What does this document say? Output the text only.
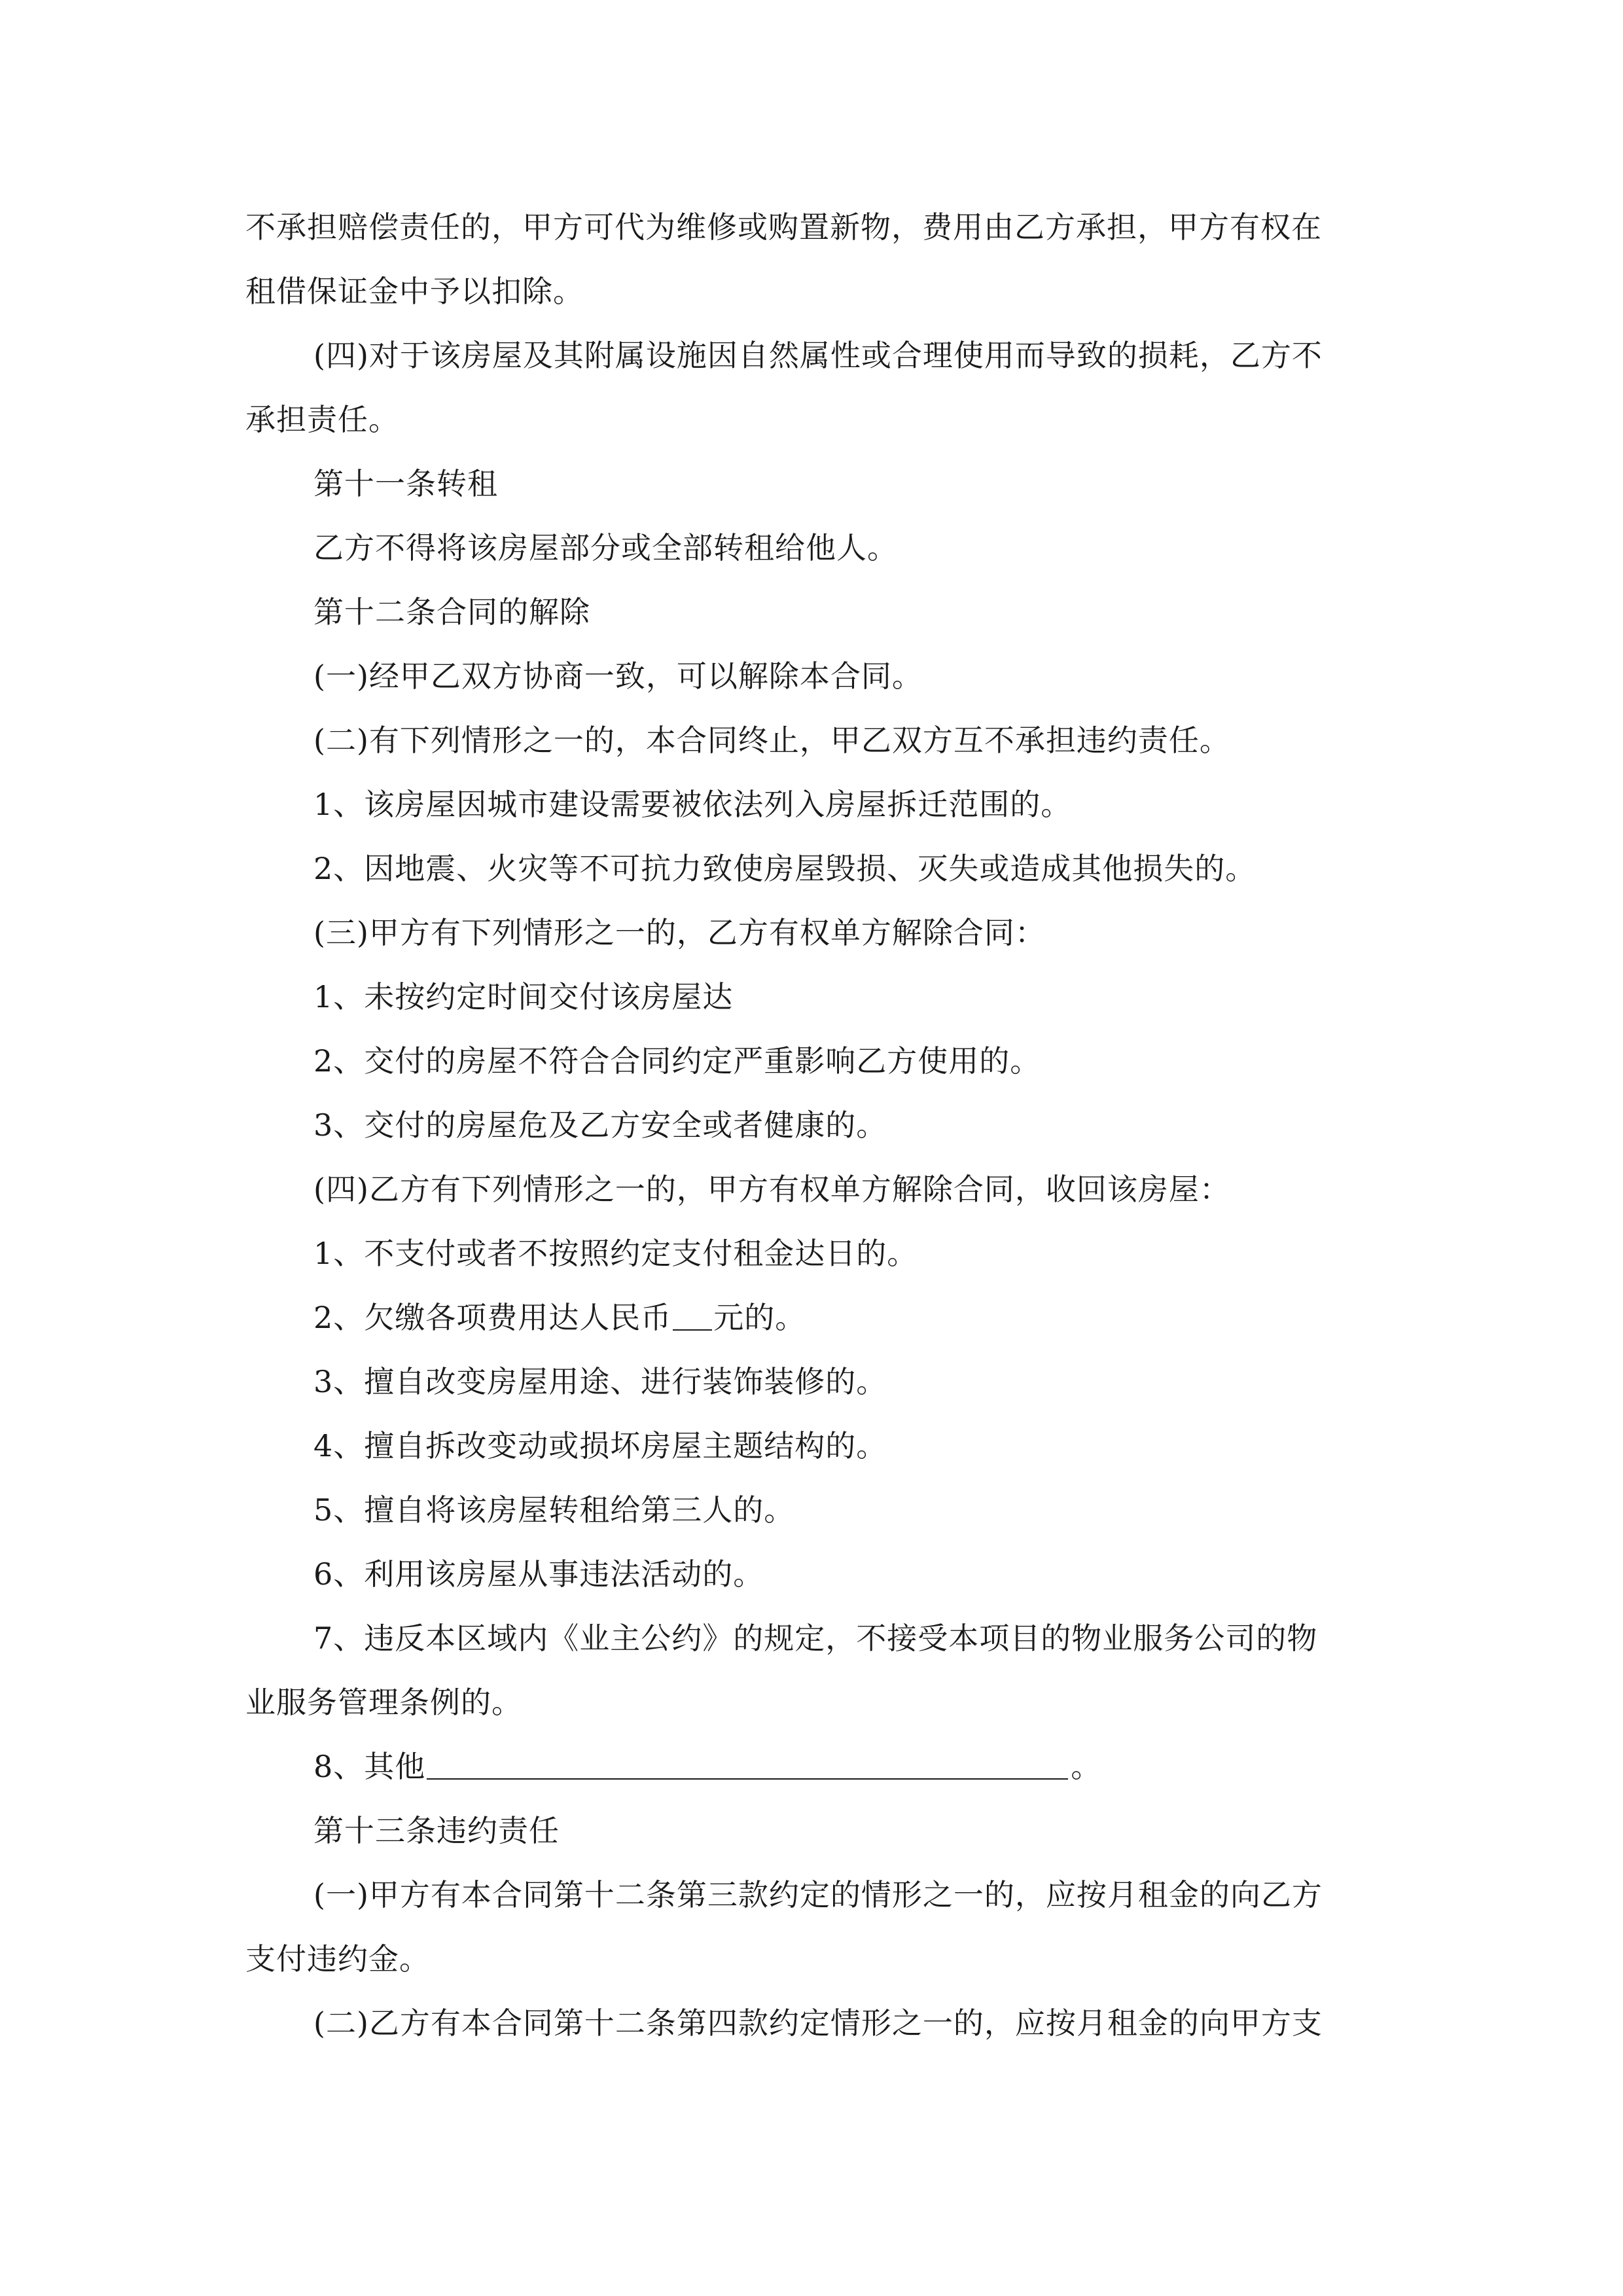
不承担赔偿责任的，甲方可代为维修或购置新物，费用由乙方承担，甲方有权在
租借保证金中予以扣除。
(四)对于该房屋及其附属设施因自然属性或合理使用而导致的损耗，乙方不
承担责任。
第十一条转租
乙方不得将该房屋部分或全部转租给他人。
第十二条合同的解除
(一)经甲乙双方协商一致，可以解除本合同。
(二)有下列情形之一的，本合同终止，甲乙双方互不承担违约责任。
1、该房屋因城市建设需要被依法列入房屋拆迁范围的。
2、因地震、火灾等不可抗力致使房屋毁损、灭失或造成其他损失的。
(三)甲方有下列情形之一的，乙方有权单方解除合同：
1、未按约定时间交付该房屋达
2、交付的房屋不符合合同约定严重影响乙方使用的。
3、交付的房屋危及乙方安全或者健康的。
(四)乙方有下列情形之一的，甲方有权单方解除合同，收回该房屋：
1、不支付或者不按照约定支付租金达日的。
2、欠缴各项费用达人民币 元的。
3、擅自改变房屋用途、进行装饰装修的。
4、擅自拆改变动或损坏房屋主题结构的。
5、擅自将该房屋转租给第三人的。
6、利用该房屋从事违法活动的。
7、违反本区域内《业主公约》的规定，不接受本项目的物业服务公司的物
业服务管理条例的。
8、其他	。
第十三条违约责任
(一)甲方有本合同第十二条第三款约定的情形之一的，应按月租金的向乙方
支付违约金。
(二)乙方有本合同第十二条第四款约定情形之一的，应按月租金的向甲方支
